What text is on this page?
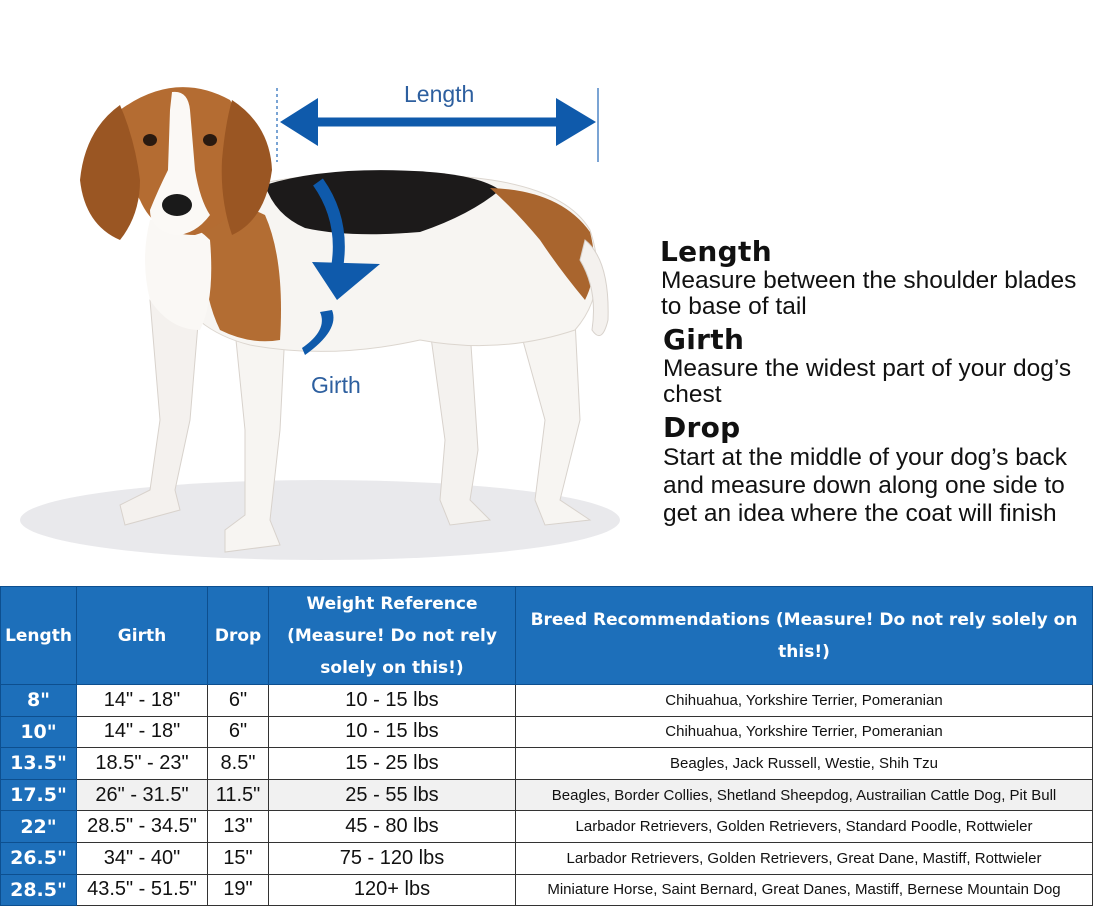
Length
Girth
Length
Measure between the shoulder blades to base of tail
Girth
Measure the widest part of your dog’s chest
Drop
Start at the middle of your dog’s back and measure down along one side to get an idea where the coat will finish
Length	Girth	Drop	Weight Reference (Measure! Do not rely solely on this!)	Breed Recommendations (Measure! Do not rely solely on this!)
8"	14" - 18"	6"	10 - 15 lbs	Chihuahua, Yorkshire Terrier, Pomeranian
10"	14" - 18"	6"	10 - 15 lbs	Chihuahua, Yorkshire Terrier, Pomeranian
13.5"	18.5" - 23"	8.5"	15 - 25 lbs	Beagles, Jack Russell, Westie, Shih Tzu
17.5"	26" - 31.5"	11.5"	25 - 55 lbs	Beagles, Border Collies, Shetland Sheepdog, Austrailian Cattle Dog, Pit Bull
22"	28.5" - 34.5"	13"	45 - 80 lbs	Larbador Retrievers, Golden Retrievers, Standard Poodle, Rottwieler
26.5"	34" - 40"	15"	75 - 120 lbs	Larbador Retrievers, Golden Retrievers, Great Dane, Mastiff, Rottwieler
28.5"	43.5" - 51.5"	19"	120+ lbs	Miniature Horse, Saint Bernard, Great Danes, Mastiff, Bernese Mountain Dog
